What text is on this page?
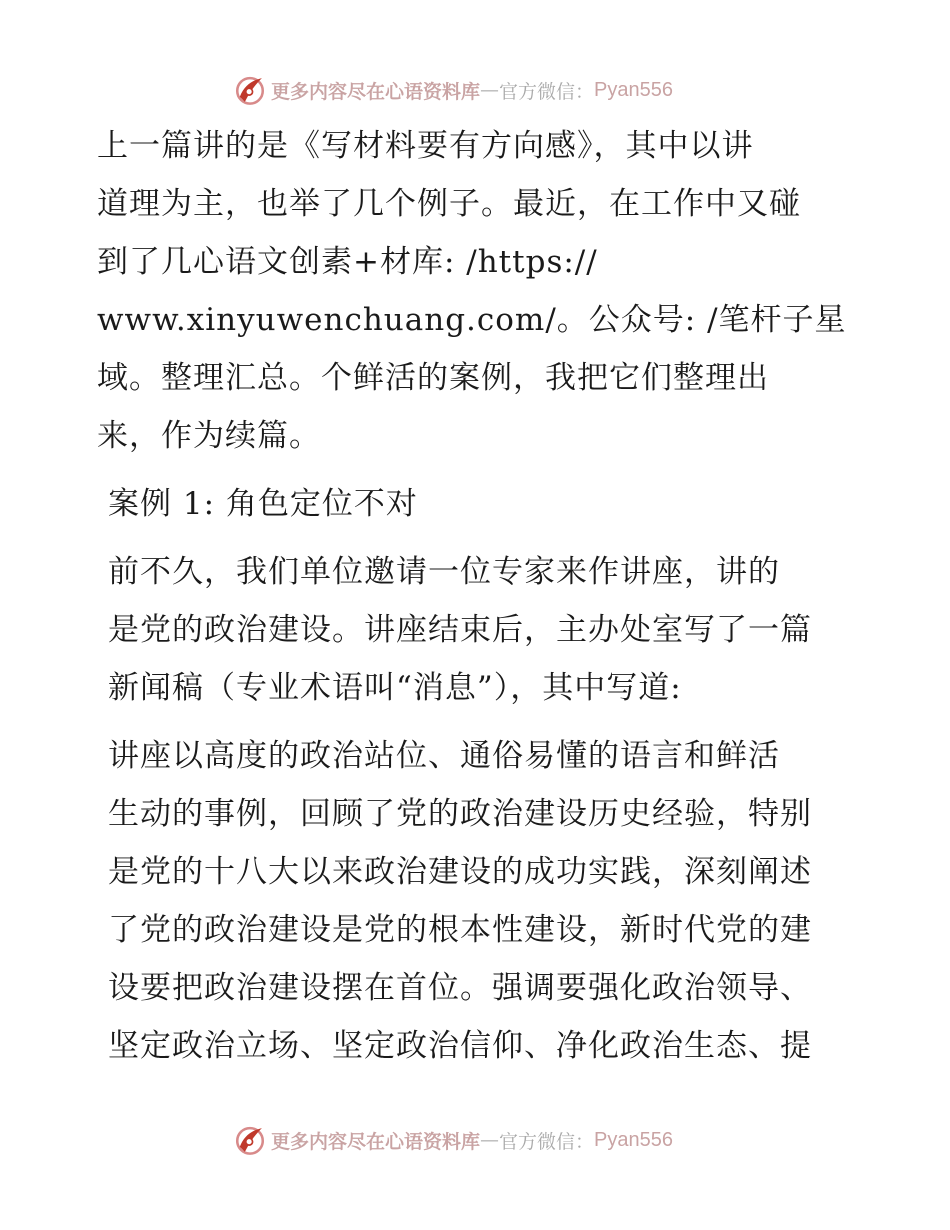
更多内容尽在心语资料库 — 官方微信： Pyan556

上一篇讲的是《写材料要有方向感》，其中以讲
道理为主，也举了几个例子。最近，在工作中又碰
到了几心语文创素+材库: /https://
www.xinyuwenchuang.com/。公众号: /笔杆子星
域。整理汇总。个鲜活的案例，我把它们整理出
来，作为续篇。

案例 1: 角色定位不对

前不久，我们单位邀请一位专家来作讲座，讲的
是党的政治建设。讲座结束后，主办处室写了一篇
新闻稿（专业术语叫“消息”），其中写道:

讲座以高度的政治站位、通俗易懂的语言和鲜活
生动的事例，回顾了党的政治建设历史经验，特别
是党的十八大以来政治建设的成功实践，深刻阐述
了党的政治建设是党的根本性建设，新时代党的建
设要把政治建设摆在首位。强调要强化政治领导、
坚定政治立场、坚定政治信仰、净化政治生态、提

更多内容尽在心语资料库 — 官方微信： Pyan556
